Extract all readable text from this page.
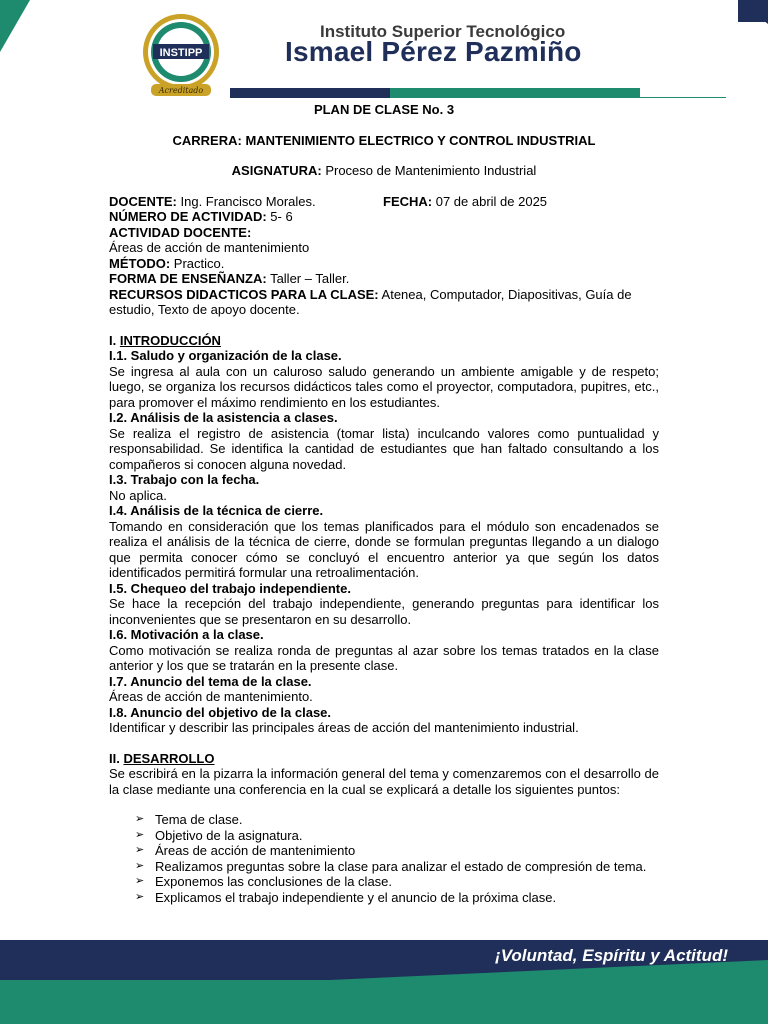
INSTIPP
Acreditado
Instituto Superior Tecnológico
Ismael Pérez Pazmiño

PLAN DE CLASE No. 3

CARRERA: MANTENIMIENTO ELECTRICO Y CONTROL INDUSTRIAL

ASIGNATURA: Proceso de Mantenimiento Industrial

DOCENTE: Ing. Francisco Morales.	FECHA: 07 de abril de 2025

NÚMERO DE ACTIVIDAD: 5- 6

ACTIVIDAD DOCENTE:

Áreas de acción de mantenimiento

MÉTODO: Practico.

FORMA DE ENSEÑANZA: Taller – Taller.

RECURSOS DIDACTICOS PARA LA CLASE: Atenea, Computador, Diapositivas, Guía de estudio, Texto de apoyo docente.

I. INTRODUCCIÓN

I.1. Saludo y organización de la clase.

Se ingresa al aula con un caluroso saludo generando un ambiente amigable y de respeto; luego, se organiza los recursos didácticos tales como el proyector, computadora, pupitres, etc., para promover el máximo rendimiento en los estudiantes.

I.2. Análisis de la asistencia a clases.

Se realiza el registro de asistencia (tomar lista) inculcando valores como puntualidad y responsabilidad. Se identifica la cantidad de estudiantes que han faltado consultando a los compañeros si conocen alguna novedad.

I.3. Trabajo con la fecha.

No aplica.

I.4. Análisis de la técnica de cierre.

Tomando en consideración que los temas planificados para el módulo son encadenados se realiza el análisis de la técnica de cierre, donde se formulan preguntas llegando a un dialogo que permita conocer cómo se concluyó el encuentro anterior ya que según los datos identificados permitirá formular una retroalimentación.

I.5. Chequeo del trabajo independiente.

Se hace la recepción del trabajo independiente, generando preguntas para identificar los inconvenientes que se presentaron en su desarrollo.

I.6. Motivación a la clase.

Como motivación se realiza ronda de preguntas al azar sobre los temas tratados en la clase anterior y los que se tratarán en la presente clase.

I.7. Anuncio del tema de la clase.

Áreas de acción de mantenimiento.

I.8. Anuncio del objetivo de la clase.

Identificar y describir las principales áreas de acción del mantenimiento industrial.

II. DESARROLLO

Se escribirá en la pizarra la información general del tema y comenzaremos con el desarrollo de la clase mediante una conferencia en la cual se explicará a detalle los siguientes puntos:

➢ Tema de clase.
➢ Objetivo de la asignatura.
➢ Áreas de acción de mantenimiento
➢ Realizamos preguntas sobre la clase para analizar el estado de compresión de tema.
➢ Exponemos las conclusiones de la clase.
➢ Explicamos el trabajo independiente y el anuncio de la próxima clase.
¡Voluntad, Espíritu y Actitud!
